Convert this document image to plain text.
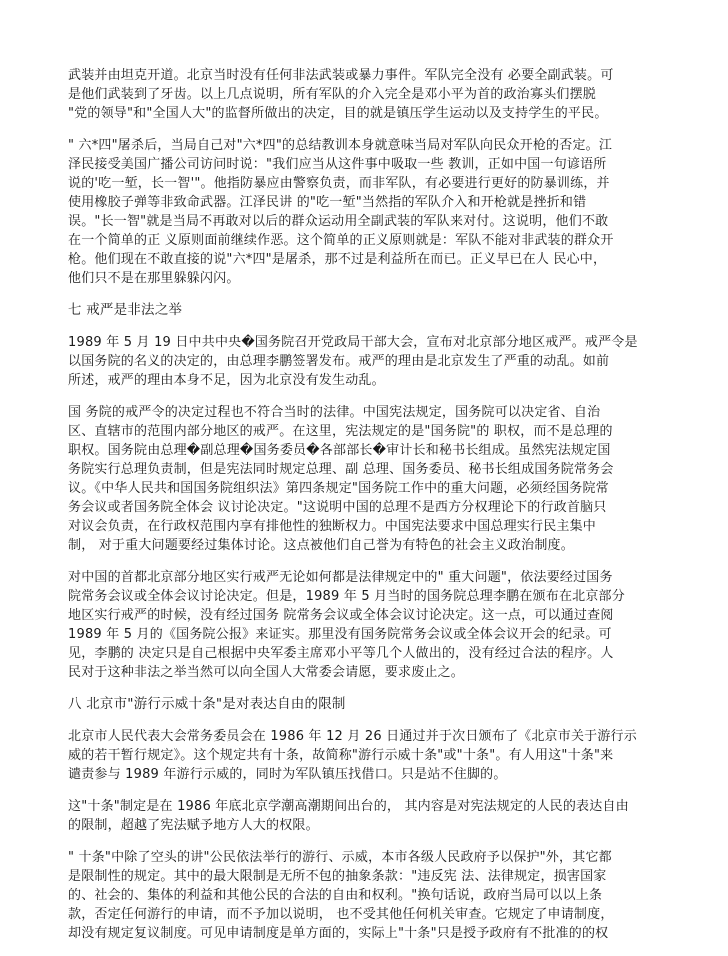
武装并由坦克开道。北京当时没有任何非法武装或暴力事件。军队完全没有 必要全副武装。可
是他们武装到了牙齿。以上几点说明，所有军队的介入完全是邓小平为首的政治寡头们摆脱
"党的领导"和"全国人大"的监督所做出的决定，目的就是镇压学生运动以及支持学生的平民。
" 六*四"屠杀后，当局自己对"六*四"的总结教训本身就意味当局对军队向民众开枪的否定。江
泽民接受美国广播公司访问时说："我们应当从这件事中吸取一些 教训，正如中国一句谚语所
说的'吃一堑，长一智'"。他指防暴应由警察负责，而非军队，有必要进行更好的防暴训练，并
使用橡胶子弹等非致命武器。江泽民讲 的"吃一堑"当然指的军队介入和开枪就是挫折和错
误。"长一智"就是当局不再敢对以后的群众运动用全副武装的军队来对付。这说明，他们不敢
在一个简单的正 义原则面前继续作恶。这个简单的正义原则就是：军队不能对非武装的群众开
枪。他们现在不敢直接的说"六*四"是屠杀，那不过是利益所在而已。正义早已在人 民心中，
他们只不是在那里躲躲闪闪。
七 戒严是非法之举
1989 年 5 月 19 日中共中央�国务院召开党政局干部大会，宣布对北京部分地区戒严。戒严令是
以国务院的名义的决定的，由总理李鹏签署发布。戒严的理由是北京发生了严重的动乱。如前
所述，戒严的理由本身不足，因为北京没有发生动乱。
国 务院的戒严令的决定过程也不符合当时的法律。中国宪法规定，国务院可以决定省、自治
区、直辖市的范围内部分地区的戒严。在这里，宪法规定的是"国务院"的 职权，而不是总理的
职权。国务院由总理�副总理�国务委员�各部部长�审计长和秘书长组成。虽然宪法规定国
务院实行总理负责制，但是宪法同时规定总理、副 总理、国务委员、秘书长组成国务院常务会
议。《中华人民共和国国务院组织法》第四条规定"国务院工作中的重大问题，必须经国务院常
务会议或者国务院全体会 议讨论决定。"这说明中国的总理不是西方分权理论下的行政首脑只
对议会负责，在行政权范围内享有排他性的独断权力。中国宪法要求中国总理实行民主集中
制， 对于重大问题要经过集体讨论。这点被他们自己誉为有特色的社会主义政治制度。
对中国的首都北京部分地区实行戒严无论如何都是法律规定中的" 重大问题"，依法要经过国务
院常务会议或全体会议讨论决定。但是，1989 年 5 月当时的国务院总理李鹏在颁布在北京部分
地区实行戒严的时候，没有经过国务 院常务会议或全体会议讨论决定。这一点，可以通过查阅
1989 年 5 月的《国务院公报》来证实。那里没有国务院常务会议或全体会议开会的纪录。可
见，李鹏的 决定只是自己根据中央军委主席邓小平等几个人做出的，没有经过合法的程序。人
民对于这种非法之举当然可以向全国人大常委会请愿，要求废止之。
八 北京市"游行示威十条"是对表达自由的限制
北京市人民代表大会常务委员会在 1986 年 12 月 26 日通过并于次日颁布了《北京市关于游行示
威的若干暂行规定》。这个规定共有十条，故简称"游行示威十条"或"十条"。有人用这"十条"来
谴责参与 1989 年游行示威的，同时为军队镇压找借口。只是站不住脚的。
这"十条"制定是在 1986 年底北京学潮高潮期间出台的， 其内容是对宪法规定的人民的表达自由
的限制，超越了宪法赋予地方人大的权限。
" 十条"中除了空头的讲"公民依法举行的游行、示威，本市各级人民政府予以保护"外，其它都
是限制性的规定。其中的最大限制是无所不包的抽象条款："违反宪 法、法律规定，损害国家
的、社会的、集体的利益和其他公民的合法的自由和权利。"换句话说，政府当局可以以上条
款，否定任何游行的申请，而不予加以说明， 也不受其他任何机关审查。它规定了申请制度，
却没有规定复议制度。可见申请制度是单方面的，实际上"十条"只是授予政府有不批准的的权
